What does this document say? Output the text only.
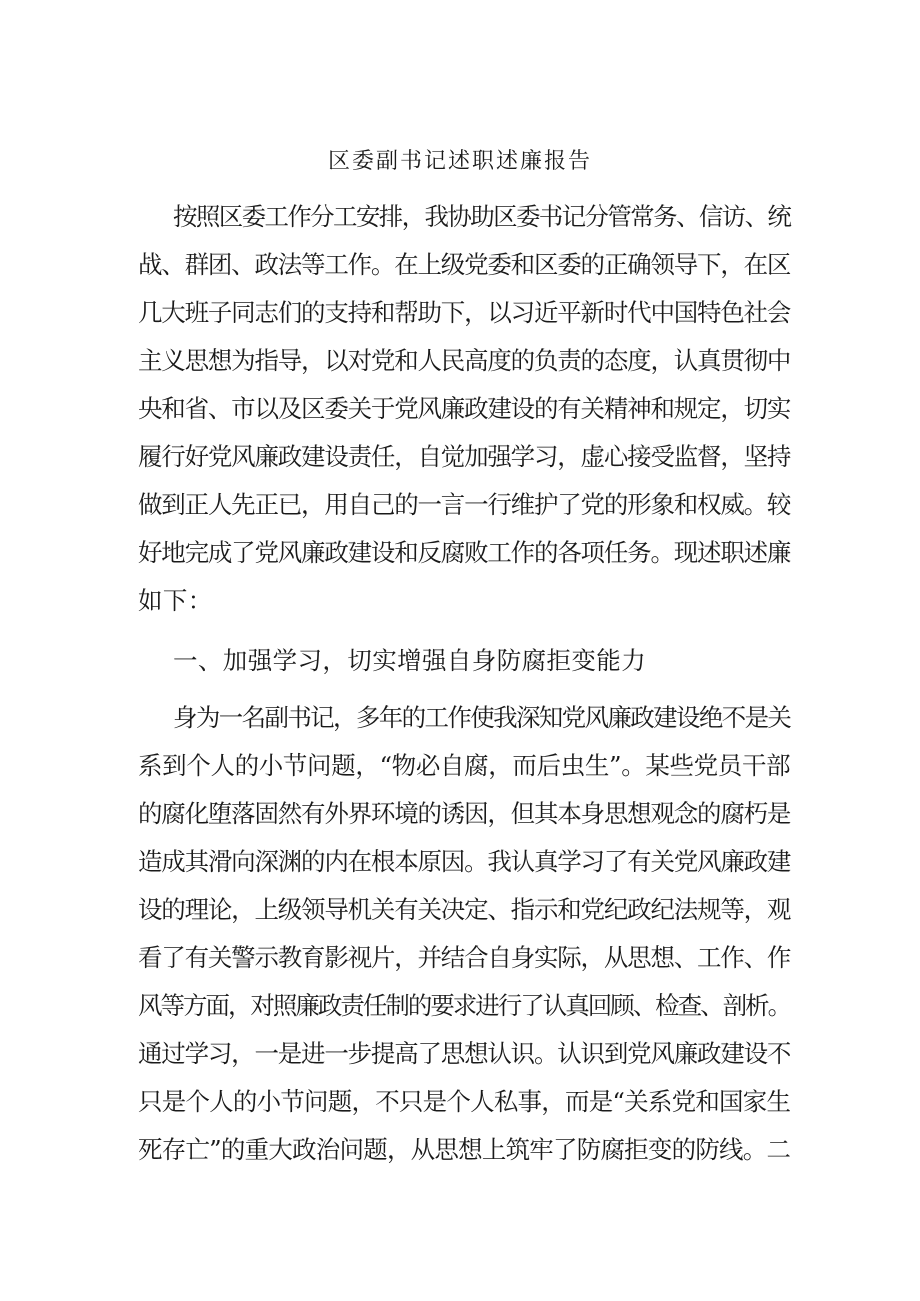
区委副书记述职述廉报告
按照区委工作分工安排，我协助区委书记分管常务、信访、统
战、群团、政法等工作。在上级党委和区委的正确领导下，在区
几大班子同志们的支持和帮助下，以习近平新时代中国特色社会
主义思想为指导，以对党和人民高度的负责的态度，认真贯彻中
央和省、市以及区委关于党风廉政建设的有关精神和规定，切实
履行好党风廉政建设责任，自觉加强学习，虚心接受监督，坚持
做到正人先正已，用自己的一言一行维护了党的形象和权威。较
好地完成了党风廉政建设和反腐败工作的各项任务。现述职述廉
如下：
一、加强学习，切实增强自身防腐拒变能力
身为一名副书记，多年的工作使我深知党风廉政建设绝不是关
系到个人的小节问题，“物必自腐，而后虫生”。某些党员干部
的腐化堕落固然有外界环境的诱因，但其本身思想观念的腐朽是
造成其滑向深渊的内在根本原因。我认真学习了有关党风廉政建
设的理论，上级领导机关有关决定、指示和党纪政纪法规等，观
看了有关警示教育影视片，并结合自身实际，从思想、工作、作
风等方面，对照廉政责任制的要求进行了认真回顾、检查、剖析。
通过学习，一是进一步提高了思想认识。认识到党风廉政建设不
只是个人的小节问题，不只是个人私事，而是“关系党和国家生
死存亡”的重大政治问题，从思想上筑牢了防腐拒变的防线。二
